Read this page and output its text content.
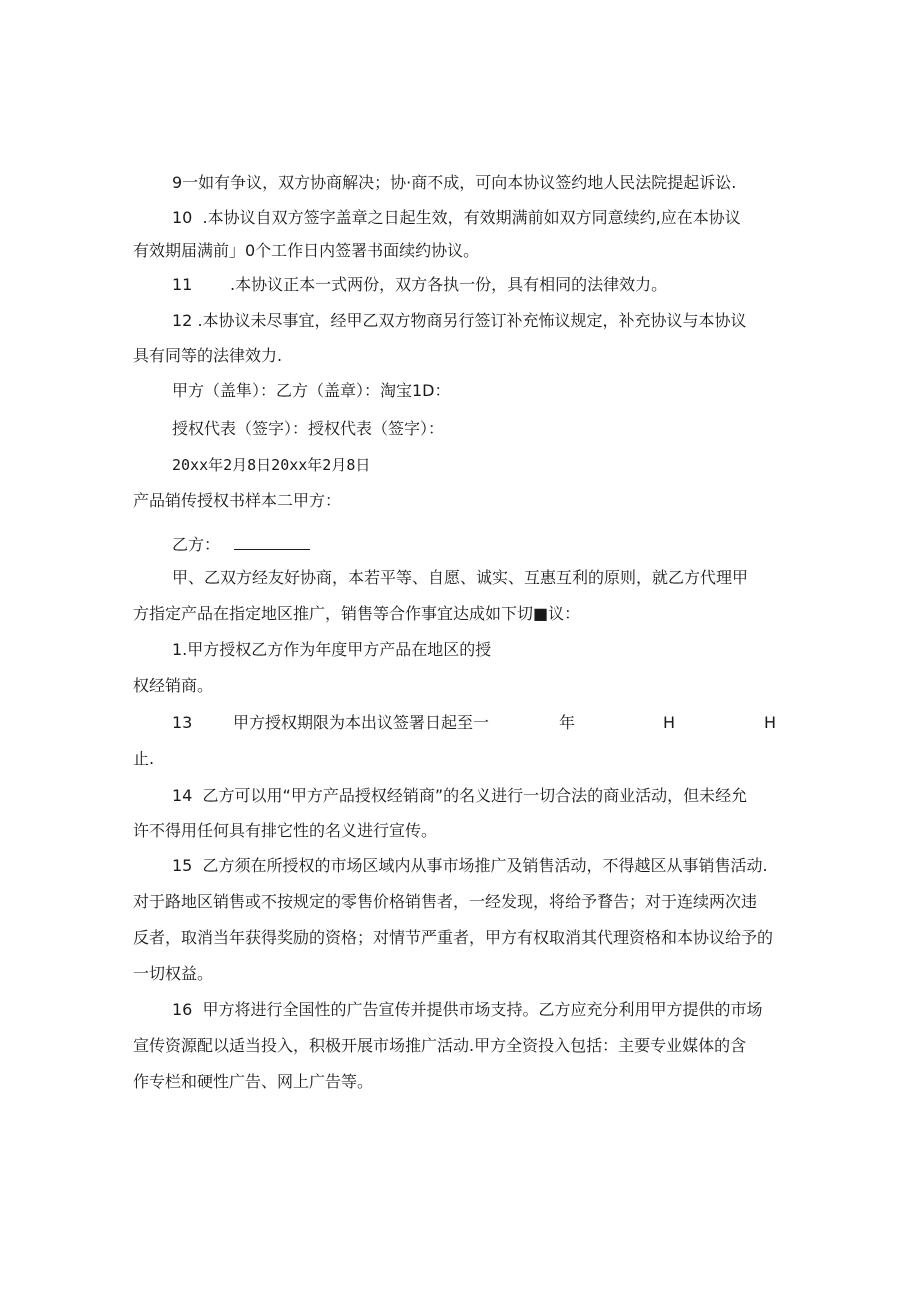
9一如有争议，双方协商解决；协·商不成，可向本协议签约地人民法院提起诉讼.
10  .本协议自双方签字盖章之日起生效，有效期满前如双方同意续约,应在本协议
有效期届满前」0个工作日内签署书面续约协议。
11 .本协议正本一式两份，双方各执一份，具有相同的法律效力。
12 .本协议未尽事宜，经甲乙双方物商另行签订补充怖议规定，补充协议与本协议
具有同等的法律效力.
甲方（盖隼）：乙方（盖章）：淘宝1D：
授权代表（签字）：授权代表（签字）：
20xx年2月8日20xx年2月8日
产品销传授权书样本二甲方：
乙方：
甲、乙双方经友好协商，本若平等、自愿、诚实、互惠互利的原则，就乙方代理甲
方指定产品在指定地区推广，销售等合作事宜达成如下切■议：
1.甲方授权乙方作为年度甲方产品在地区的授
权经销商。
13	甲方授权期限为本出议签署日起至一	年	H	H
止.
14  乙方可以用“甲方产品授权经销商”的名义进行一切合法的商业活动，但未经允
许不得用任何具有排它性的名义进行宣传。
15  乙方须在所授权的市场区域内从事市场推广及销售活动，不得越区从事销售活动.
对于路地区销售或不按规定的零售价格销售者，一经发现，将给予瞀告；对于连续两次违
反者，取消当年获得奖励的资格；对情节严重者，甲方有权取消其代理资格和本协议给予的
一切权益。
16  甲方将进行全国性的广告宣传并提供市场支持。乙方应充分利用甲方提供的市场
宣传资源配以适当投入，积极开展市场推广活动.甲方全资投入包括：主要专业媒体的含
作专栏和硬性广告、网上广告等。
